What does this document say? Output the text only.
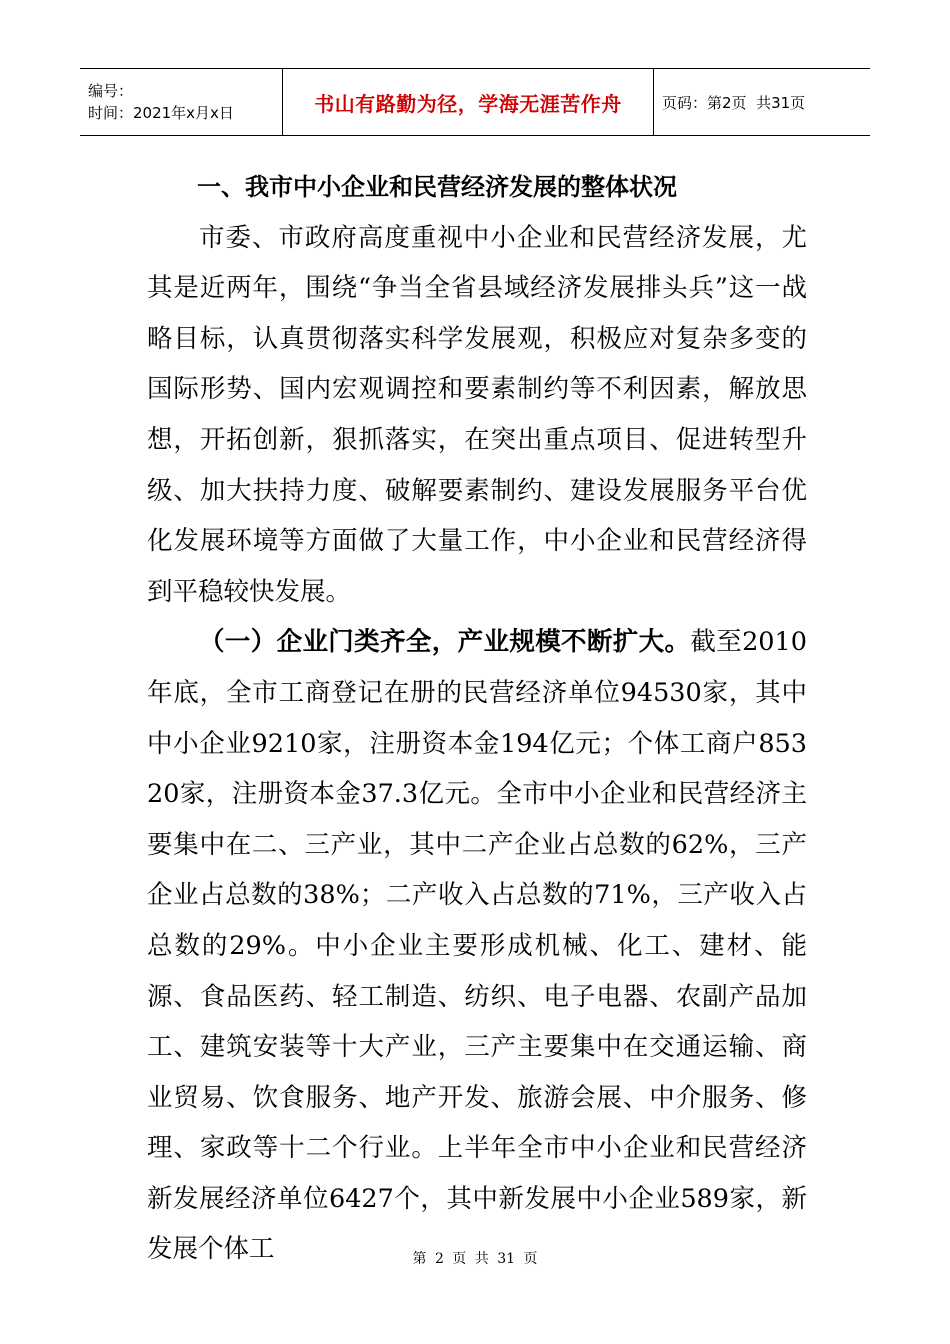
编号：
时间：2021年x月x日	书山有路勤为径，学海无涯苦作舟	页码：第2页  共31页

一、我市中小企业和民营经济发展的整体状况

市委、市政府高度重视中小企业和民营经济发展，尤其是近两年，围绕“争当全省县域经济发展排头兵”这一战略目标，认真贯彻落实科学发展观，积极应对复杂多变的国际形势、国内宏观调控和要素制约等不利因素，解放思想，开拓创新，狠抓落实，在突出重点项目、促进转型升级、加大扶持力度、破解要素制约、建设发展服务平台优化发展环境等方面做了大量工作，中小企业和民营经济得到平稳较快发展。

（一）企业门类齐全，产业规模不断扩大。截至2010年底，全市工商登记在册的民营经济单位94530家，其中中小企业9210家，注册资本金194亿元；个体工商户85320家，注册资本金37.3亿元。全市中小企业和民营经济主要集中在二、三产业，其中二产企业占总数的62%，三产企业占总数的38%；二产收入占总数的71%，三产收入占总数的29%。中小企业主要形成机械、化工、建材、能源、食品医药、轻工制造、纺织、电子电器、农副产品加工、建筑安装等十大产业，三产主要集中在交通运输、商业贸易、饮食服务、地产开发、旅游会展、中介服务、修理、家政等十二个行业。上半年全市中小企业和民营经济新发展经济单位6427个，其中新发展中小企业589家，新发展个体工	第 2 页 共 31 页
